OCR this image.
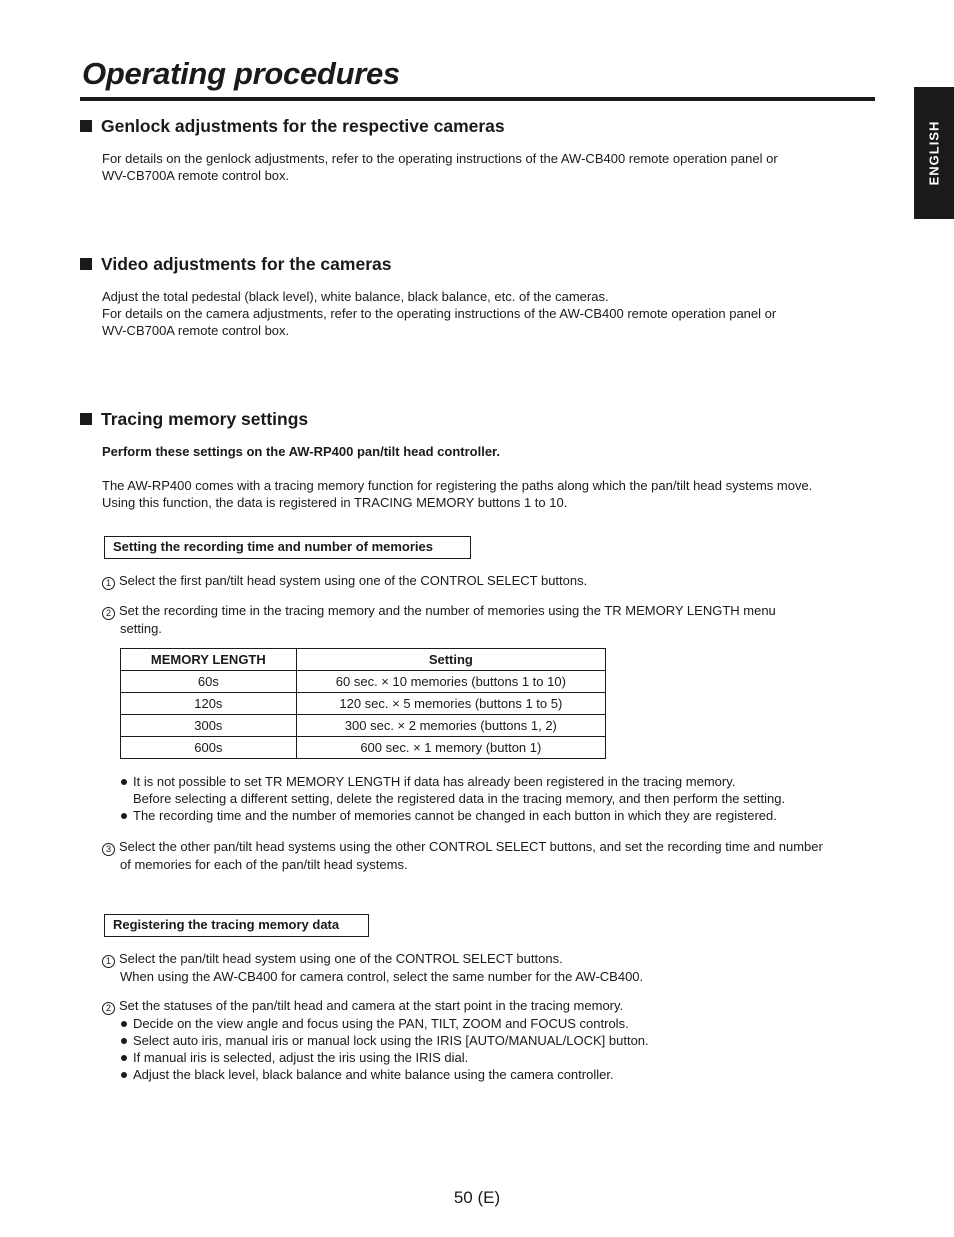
Operating procedures
ENGLISH
Genlock adjustments for the respective cameras
For details on the genlock adjustments, refer to the operating instructions of the AW-CB400 remote operation panel or
WV-CB700A remote control box.
Video adjustments for the cameras
Adjust the total pedestal (black level), white balance, black balance, etc. of the cameras.
For details on the camera adjustments, refer to the operating instructions of the AW-CB400 remote operation panel or
WV-CB700A remote control box.
Tracing memory settings
Perform these settings on the AW-RP400 pan/tilt head controller.
The AW-RP400 comes with a tracing memory function for registering the paths along which the pan/tilt head systems move.
Using this function, the data is registered in TRACING MEMORY buttons 1 to 10.
Setting the recording time and number of memories
1 Select the first pan/tilt head system using one of the CONTROL SELECT buttons.
2 Set the recording time in the tracing memory and the number of memories using the TR MEMORY LENGTH menu
setting.
MEMORY LENGTH	Setting
60s	60 sec. × 10 memories (buttons 1 to 10)
120s	120 sec. × 5 memories (buttons 1 to 5)
300s	300 sec. × 2 memories (buttons 1, 2)
600s	600 sec. × 1 memory (button 1)
It is not possible to set TR MEMORY LENGTH if data has already been registered in the tracing memory.
Before selecting a different setting, delete the registered data in the tracing memory, and then perform the setting.
The recording time and the number of memories cannot be changed in each button in which they are registered.
3 Select the other pan/tilt head systems using the other CONTROL SELECT buttons, and set the recording time and number
of memories for each of the pan/tilt head systems.
Registering the tracing memory data
1 Select the pan/tilt head system using one of the CONTROL SELECT buttons.
When using the AW-CB400 for camera control, select the same number for the AW-CB400.
2 Set the statuses of the pan/tilt head and camera at the start point in the tracing memory.
Decide on the view angle and focus using the PAN, TILT, ZOOM and FOCUS controls.
Select auto iris, manual iris or manual lock using the IRIS [AUTO/MANUAL/LOCK] button.
If manual iris is selected, adjust the iris using the IRIS dial.
Adjust the black level, black balance and white balance using the camera controller.
50 (E)
